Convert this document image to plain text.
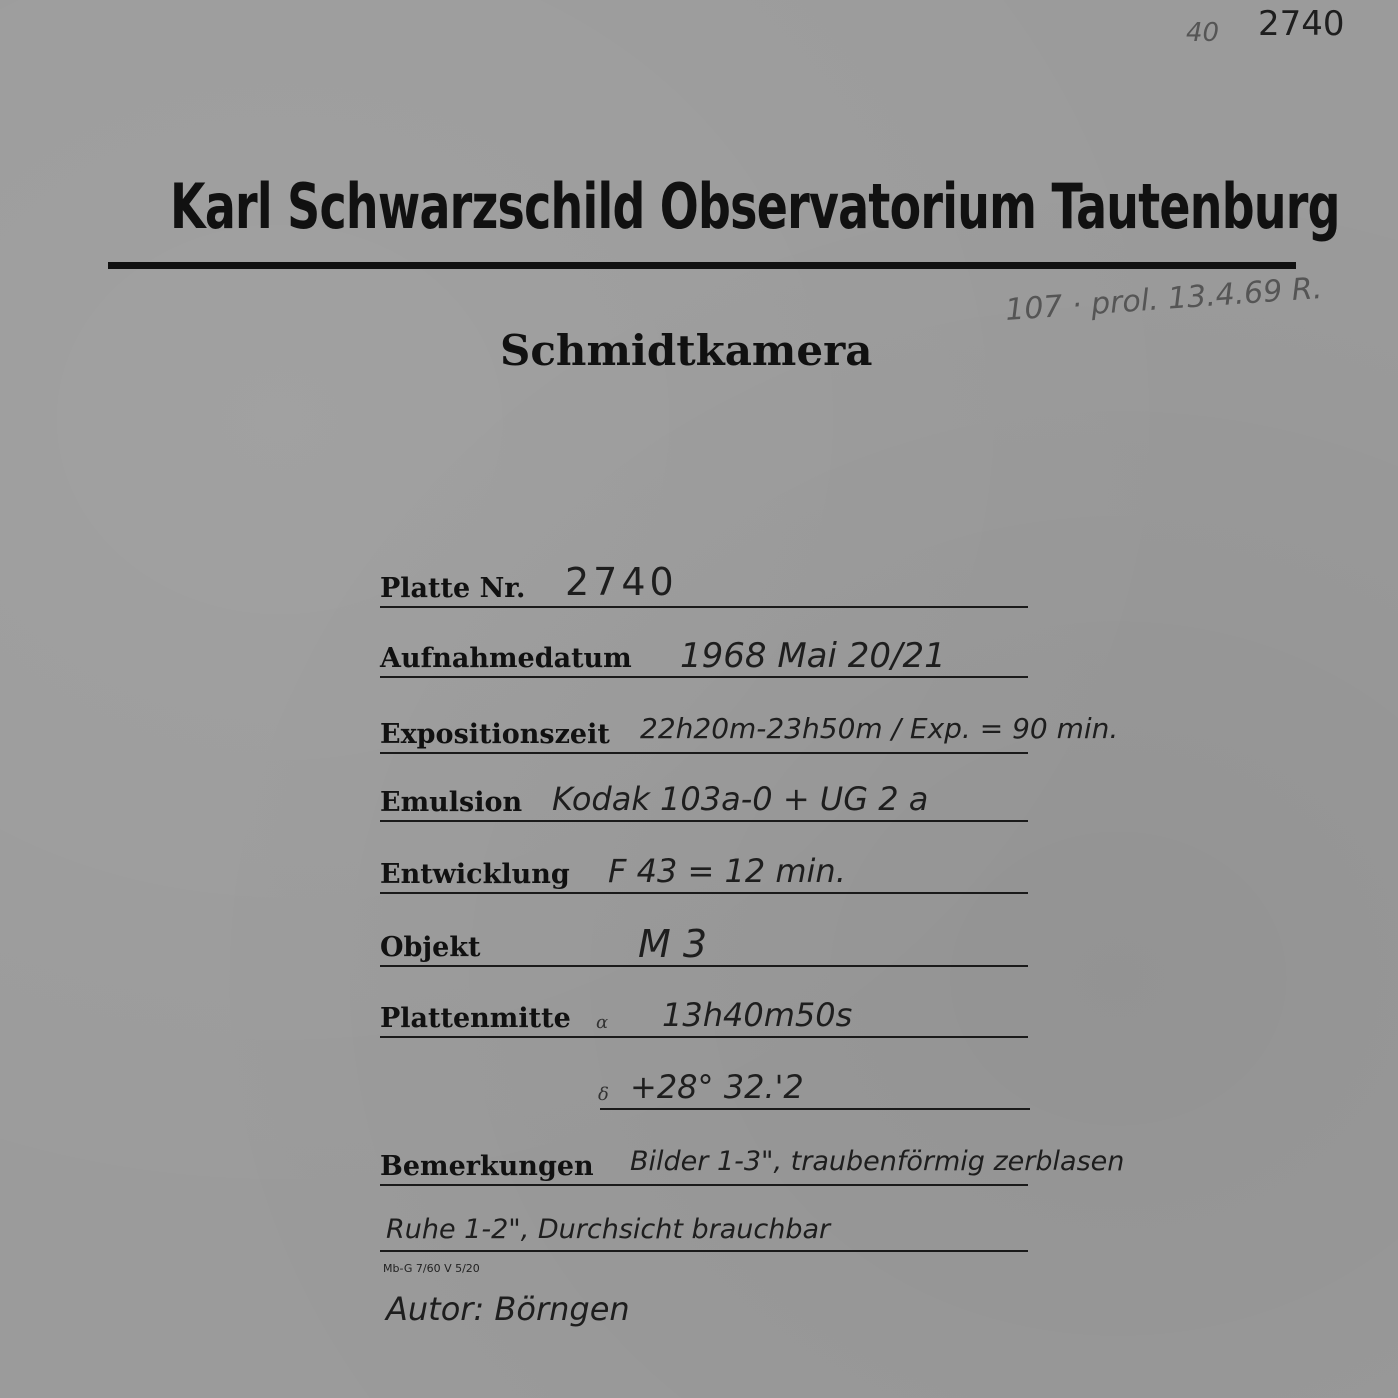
40 2740
Karl Schwarzschild Observatorium Tautenburg
107 · prol. 13.4.69 R.
Schmidtkamera
Platte Nr. 2740
Aufnahmedatum 1968 Mai 20/21
Expositionszeit 22h20m-23h50m / Exp. = 90 min.
Emulsion Kodak 103a-0 + UG 2 a
Entwicklung F 43 = 12 min.
Objekt	M 3
Plattenmitte α 13h40m50s
δ +28° 32.'2
Bemerkungen Bilder 1-3", traubenförmig zerblasen
Ruhe 1-2", Durchsicht brauchbar
Mb-G 7/60 V 5/20
Autor: Börngen
